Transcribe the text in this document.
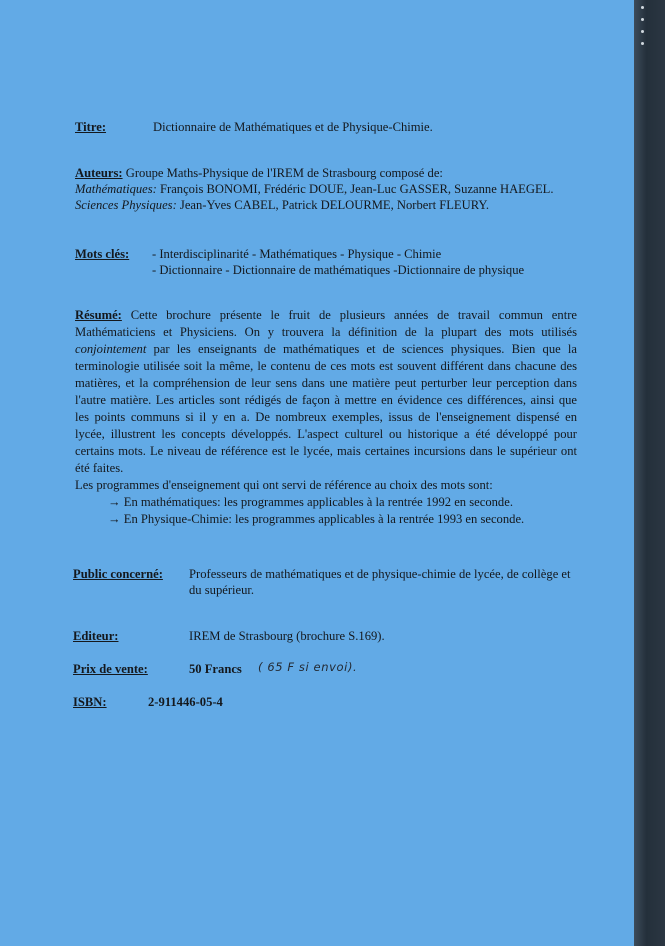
Titre:	Dictionnaire de Mathématiques et de Physique-Chimie.
Auteurs: Groupe Maths-Physique de l'IREM de Strasbourg composé de:
Mathématiques: François BONOMI, Frédéric DOUE, Jean-Luc GASSER, Suzanne HAEGEL.
Sciences Physiques: Jean-Yves CABEL, Patrick DELOURME, Norbert FLEURY.
Mots clés: - Interdisciplinarité - Mathématiques - Physique - Chimie
- Dictionnaire - Dictionnaire de mathématiques -Dictionnaire de physique
Résumé: Cette brochure présente le fruit de plusieurs années de travail commun entre
Mathématiciens et Physiciens. On y trouvera la définition de la plupart des mots utilisés
conjointement par les enseignants de mathématiques et de sciences physiques. Bien que la
terminologie utilisée soit la même, le contenu de ces mots est souvent différent dans chacune des
matières, et la compréhension de leur sens dans une matière peut perturber leur perception dans
l'autre matière. Les articles sont rédigés de façon à mettre en évidence ces différences, ainsi que
les points communs si il y en a. De nombreux exemples, issus de l'enseignement dispensé en
lycée, illustrent les concepts développés. L'aspect culturel ou historique a été développé pour
certains mots. Le niveau de référence est le lycée, mais certaines incursions dans le supérieur ont
été faites.
Les programmes d'enseignement qui ont servi de référence au choix des mots sont:
→ En mathématiques: les programmes applicables à la rentrée 1992 en seconde.
→ En Physique-Chimie: les programmes applicables à la rentrée 1993 en seconde.
Public concerné: Professeurs de mathématiques et de physique-chimie de lycée, de collège et
du supérieur.
Editeur:	IREM de Strasbourg (brochure S.169).
Prix de vente:	50 Francs ( 65 F si envoi).
ISBN:	2-911446-05-4
